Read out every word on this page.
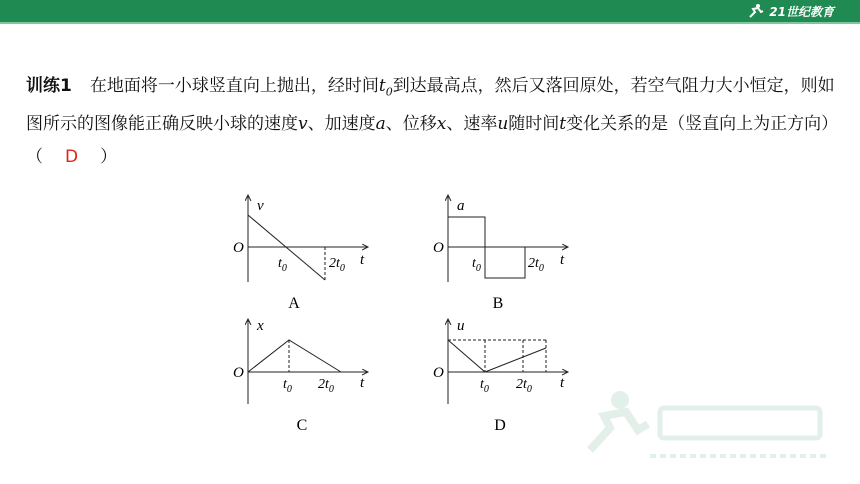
21世纪教育
训练1 在地面将一小球竖直向上抛出，经时间$t_0$到达最高点，然后又落回原处，若空气阻力大小恒定，则如图所示的图像能正确反映小球的速度v、加速度a、位移x、速率u随时间t变化关系的是（竖直向上为正方向）（ D ）
v
O
$t_0$	$2t_0$
t
A
a
O
$t_0$	$2t_0$
t
B
x
O
$t_0$ $2t_0$ t
C
u
O
$t_0$ $2t_0$ t
D
